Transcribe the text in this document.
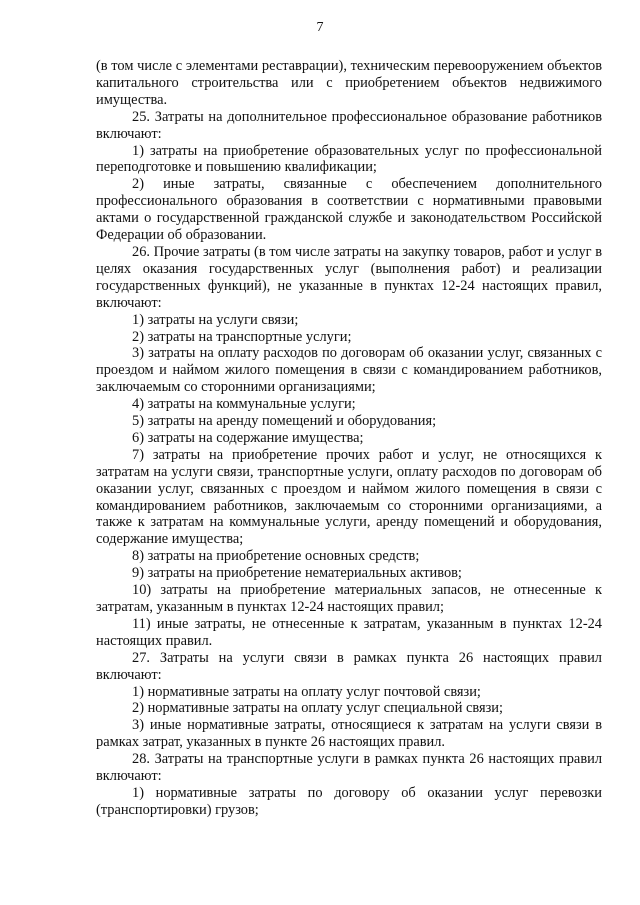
7

(в том числе с элементами реставрации), техническим перевооружением объектов капитального строительства или с приобретением объектов недвижимого имущества.

25. Затраты на дополнительное профессиональное образование работников включают:

1) затраты на приобретение образовательных услуг по профессиональной переподготовке и повышению квалификации;

2) иные затраты, связанные с обеспечением дополнительного профессионального образования в соответствии с нормативными правовыми актами о государственной гражданской службе и законодательством Российской Федерации об образовании.

26. Прочие затраты (в том числе затраты на закупку товаров, работ и услуг в целях оказания государственных услуг (выполнения работ) и реализации государственных функций), не указанные в пунктах 12-24 настоящих правил, включают:

1) затраты на услуги связи;

2) затраты на транспортные услуги;

3) затраты на оплату расходов по договорам об оказании услуг, связанных с проездом и наймом жилого помещения в связи с командированием работников, заключаемым со сторонними организациями;

4) затраты на коммунальные услуги;

5) затраты на аренду помещений и оборудования;

6) затраты на содержание имущества;

7) затраты на приобретение прочих работ и услуг, не относящихся к затратам на услуги связи, транспортные услуги, оплату расходов по договорам об оказании услуг, связанных с проездом и наймом жилого помещения в связи с командированием работников, заключаемым со сторонними организациями, а также к затратам на коммунальные услуги, аренду помещений и оборудования, содержание имущества;

8) затраты на приобретение основных средств;

9) затраты на приобретение нематериальных активов;

10) затраты на приобретение материальных запасов, не отнесенные к затратам, указанным в пунктах 12-24 настоящих правил;

11) иные затраты, не отнесенные к затратам, указанным в пунктах 12-24 настоящих правил.

27. Затраты на услуги связи в рамках пункта 26 настоящих правил включают:

1) нормативные затраты на оплату услуг почтовой связи;

2) нормативные затраты на оплату услуг специальной связи;

3) иные нормативные затраты, относящиеся к затратам на услуги связи в рамках затрат, указанных в пункте 26 настоящих правил.

28. Затраты на транспортные услуги в рамках пункта 26 настоящих правил включают:

1) нормативные затраты по договору об оказании услуг перевозки (транспортировки) грузов;
